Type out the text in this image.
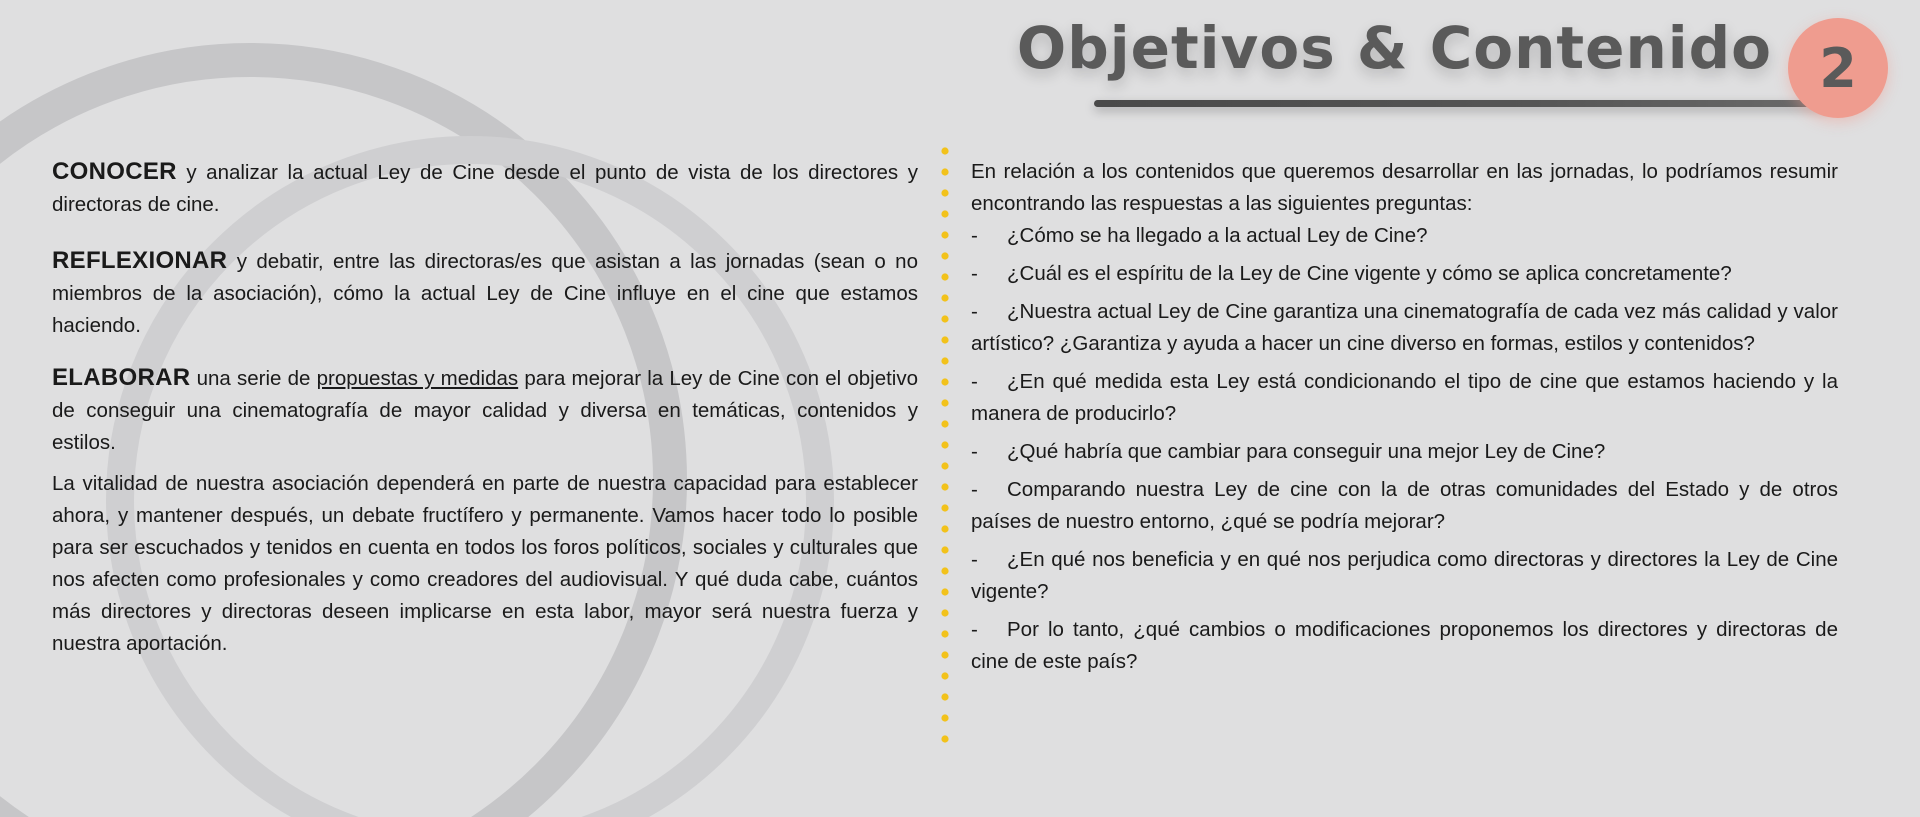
Objetivos & Contenido 2

CONOCER y analizar la actual Ley de Cine desde el punto de vista de los directores y directoras de cine.

REFLEXIONAR y debatir, entre las directoras/es que asistan a las jornadas (sean o no miembros de la asociación), cómo la actual Ley de Cine influye en el cine que estamos haciendo.

ELABORAR una serie de propuestas y medidas para mejorar la Ley de Cine con el objetivo de conseguir una cinematografía de mayor calidad y diversa en temáticas, contenidos y estilos.

La vitalidad de nuestra asociación dependerá en parte de nuestra capacidad para establecer ahora, y mantener después, un debate fructífero y permanente. Vamos hacer todo lo posible para ser escuchados y tenidos en cuenta en todos los foros políticos, sociales y culturales que nos afecten como profesionales y como creadores del audiovisual. Y qué duda cabe, cuántos más directores y directoras deseen implicarse en esta labor, mayor será nuestra fuerza y nuestra aportación.

En relación a los contenidos que queremos desarrollar en las jornadas, lo podríamos resumir encontrando las respuestas a las siguientes preguntas:

- ¿Cómo se ha llegado a la actual Ley de Cine?

- ¿Cuál es el espíritu de la Ley de Cine vigente y cómo se aplica concretamente?

- ¿Nuestra actual Ley de Cine garantiza una cinematografía de cada vez más calidad y valor artístico? ¿Garantiza y ayuda a hacer un cine diverso en formas, estilos y contenidos?

- ¿En qué medida esta Ley está condicionando el tipo de cine que estamos haciendo y la manera de producirlo?

- ¿Qué habría que cambiar para conseguir una mejor Ley de Cine?

- Comparando nuestra Ley de cine con la de otras comunidades del Estado y de otros países de nuestro entorno, ¿qué se podría mejorar?

- ¿En qué nos beneficia y en qué nos perjudica como directoras y directores la Ley de Cine vigente?

- Por lo tanto, ¿qué cambios o modificaciones proponemos los directores y directoras de cine de este país?
